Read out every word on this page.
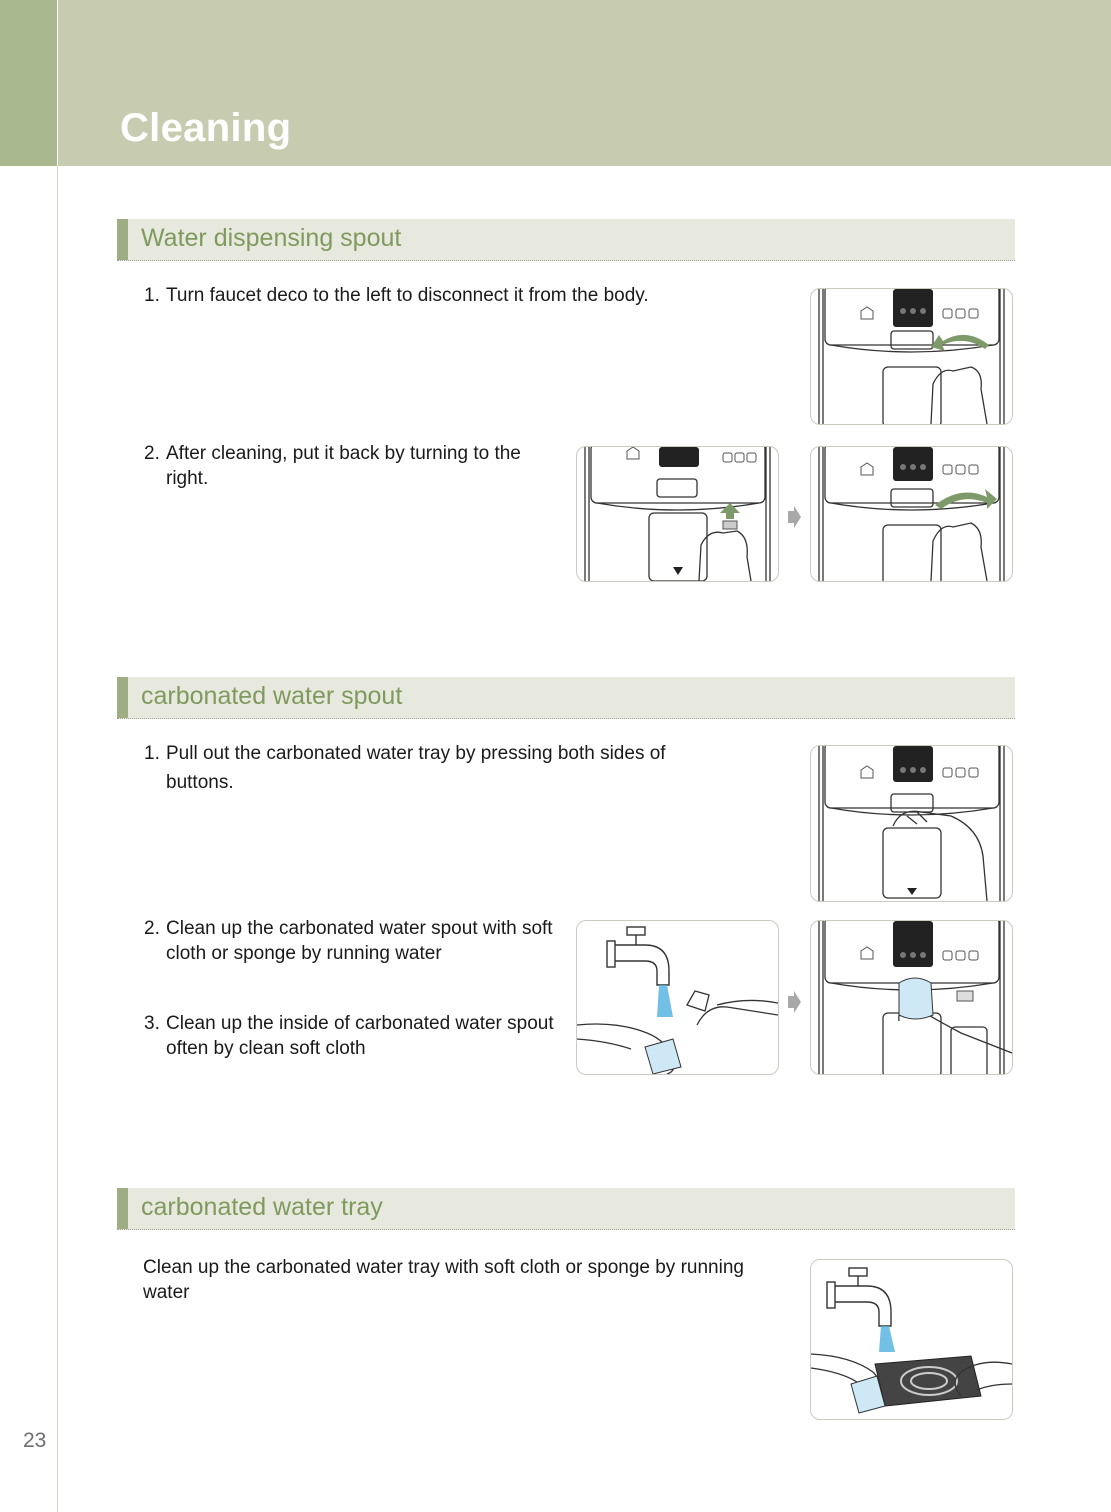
Cleaning
23
Water dispensing spout
1. Turn faucet deco to the left to disconnect it from the body.
2. After cleaning, put it back by turning to the right.
carbonated water spout
1. Pull out the carbonated water tray by pressing both sides of buttons.
2. Clean up the carbonated water spout with soft cloth or sponge by running water
3. Clean up the inside of carbonated water spout often by clean soft cloth
carbonated water tray
Clean up the carbonated water tray with soft cloth or sponge by running water
